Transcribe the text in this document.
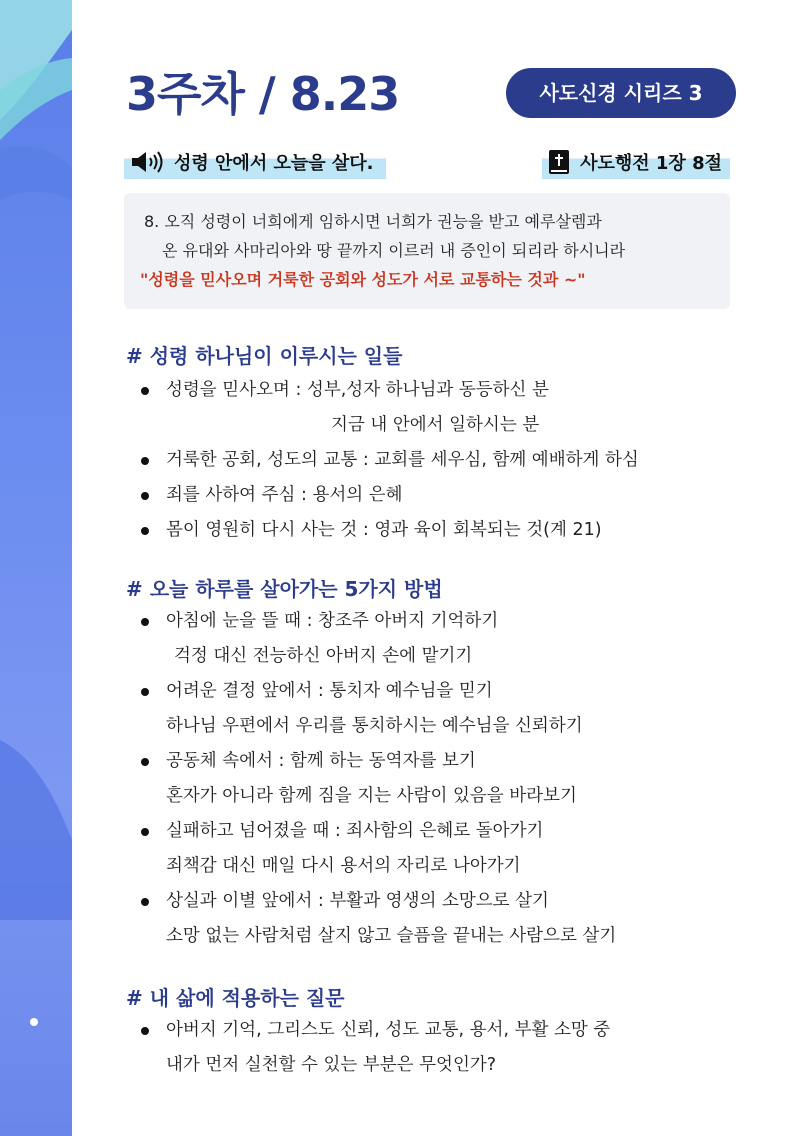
3주차 / 8.23	사도신경 시리즈 3
성령 안에서 오늘을 살다.	사도행전 1장 8절
8. 오직 성령이 너희에게 임하시면 너희가 권능을 받고 예루살렘과
온 유대와 사마리아와 땅 끝까지 이르러 내 증인이 되리라 하시니라
"성령을 믿사오며 거룩한 공회와 성도가 서로 교통하는 것과 ~"
# 성령 하나님이 이루시는 일들
성령을 믿사오며 : 성부,성자 하나님과 동등하신 분
지금 내 안에서 일하시는 분
거룩한 공회, 성도의 교통 : 교회를 세우심, 함께 예배하게 하심
죄를 사하여 주심 : 용서의 은혜
몸이 영원히 다시 사는 것 : 영과 육이 회복되는 것(계 21)
# 오늘 하루를 살아가는 5가지 방법
아침에 눈을 뜰 때 : 창조주 아버지 기억하기
걱정 대신 전능하신 아버지 손에 맡기기
어려운 결정 앞에서 : 통치자 예수님을 믿기
하나님 우편에서 우리를 통치하시는 예수님을 신뢰하기
공동체 속에서 : 함께 하는 동역자를 보기
혼자가 아니라 함께 짐을 지는 사람이 있음을 바라보기
실패하고 넘어졌을 때 : 죄사함의 은혜로 돌아가기
죄책감 대신 매일 다시 용서의 자리로 나아가기
상실과 이별 앞에서 : 부활과 영생의 소망으로 살기
소망 없는 사람처럼 살지 않고 슬픔을 끝내는 사람으로 살기
# 내 삶에 적용하는 질문
아버지 기억, 그리스도 신뢰, 성도 교통, 용서, 부활 소망 중
내가 먼저 실천할 수 있는 부분은 무엇인가?
